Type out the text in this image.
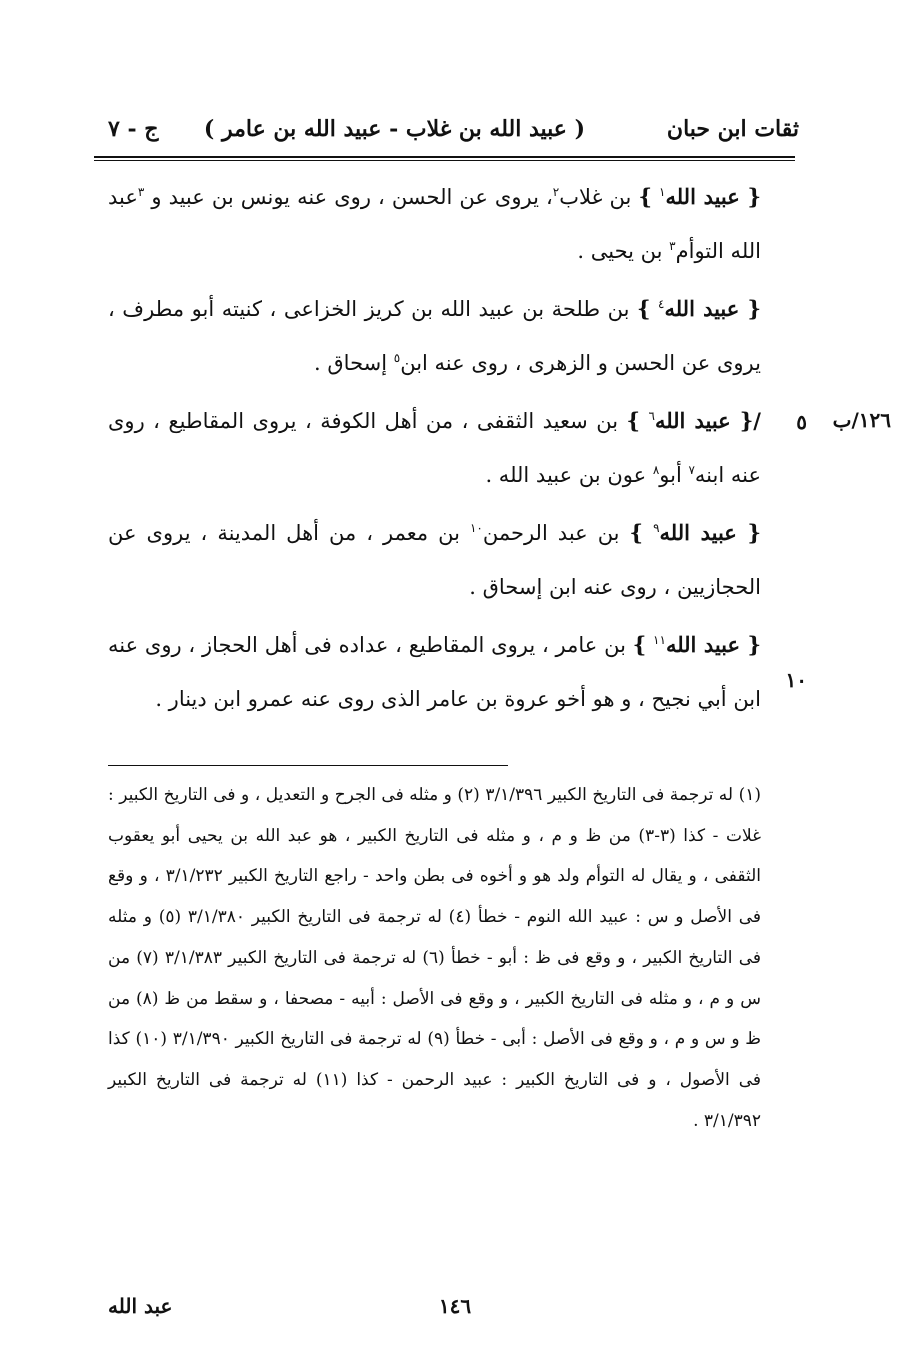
ثقات ابن حبان
( عبيد الله بن غلاب - عبيد الله بن عامر )
ج - ٧
١٢٦/ب
٥
١٠

{ عبيد الله$^١$ } بن غلاب$^٢$، يروى عن الحسن ، روى عنه يونس بن عبيد و $^٣$عبد الله التوأم$^٣$ بن يحيى .

{ عبيد الله$^٤$ } بن طلحة بن عبيد الله بن كريز الخزاعى ، كنيته أبو مطرف ، يروى عن الحسن و الزهرى ، روى عنه ابن$^٥$ إسحاق .

/{ عبيد الله$^٦$ } بن سعيد الثقفى ، من أهل الكوفة ، يروى المقاطيع ، روى عنه ابنه$^٧$ أبو$^٨$ عون بن عبيد الله .

{ عبيد الله$^٩$ } بن عبد الرحمن$^{١٠}$ بن معمر ، من أهل المدينة ، يروى عن الحجازيين ، روى عنه ابن إسحاق .

{ عبيد الله$^{١١}$ } بن عامر ، يروى المقاطيع ، عداده فى أهل الحجاز ، روى عنه ابن أبي نجيح ، و هو أخو عروة بن عامر الذى روى عنه عمرو ابن دينار .

(١) له ترجمة فى التاريخ الكبير ٣/١/٣٩٦ (٢) و مثله فى الجرح و التعديل ، و فى التاريخ الكبير : غلات - كذا (٣-٣) من ظ و م ، و مثله فى التاريخ الكبير ، هو عبد الله بن يحيى أبو يعقوب الثقفى ، و يقال له التوأم ولد هو و أخوه فى بطن واحد - راجع التاريخ الكبير ٣/١/٢٣٢ ، و وقع فى الأصل و س : عبيد الله النوم - خطأ (٤) له ترجمة فى التاريخ الكبير ٣/١/٣٨٠ (٥) و مثله فى التاريخ الكبير ، و وقع فى ظ : أبو - خطأ (٦) له ترجمة فى التاريخ الكبير ٣/١/٣٨٣ (٧) من س و م ، و مثله فى التاريخ الكبير ، و وقع فى الأصل : أبيه - مصحفا ، و سقط من ظ (٨) من ظ و س و م ، و وقع فى الأصل : أبى - خطأ (٩) له ترجمة فى التاريخ الكبير ٣/١/٣٩٠ (١٠) كذا فى الأصول ، و فى التاريخ الكبير : عبيد الرحمن - كذا (١١) له ترجمة فى التاريخ الكبير ٣/١/٣٩٢ .
١٤٦
عبد الله
